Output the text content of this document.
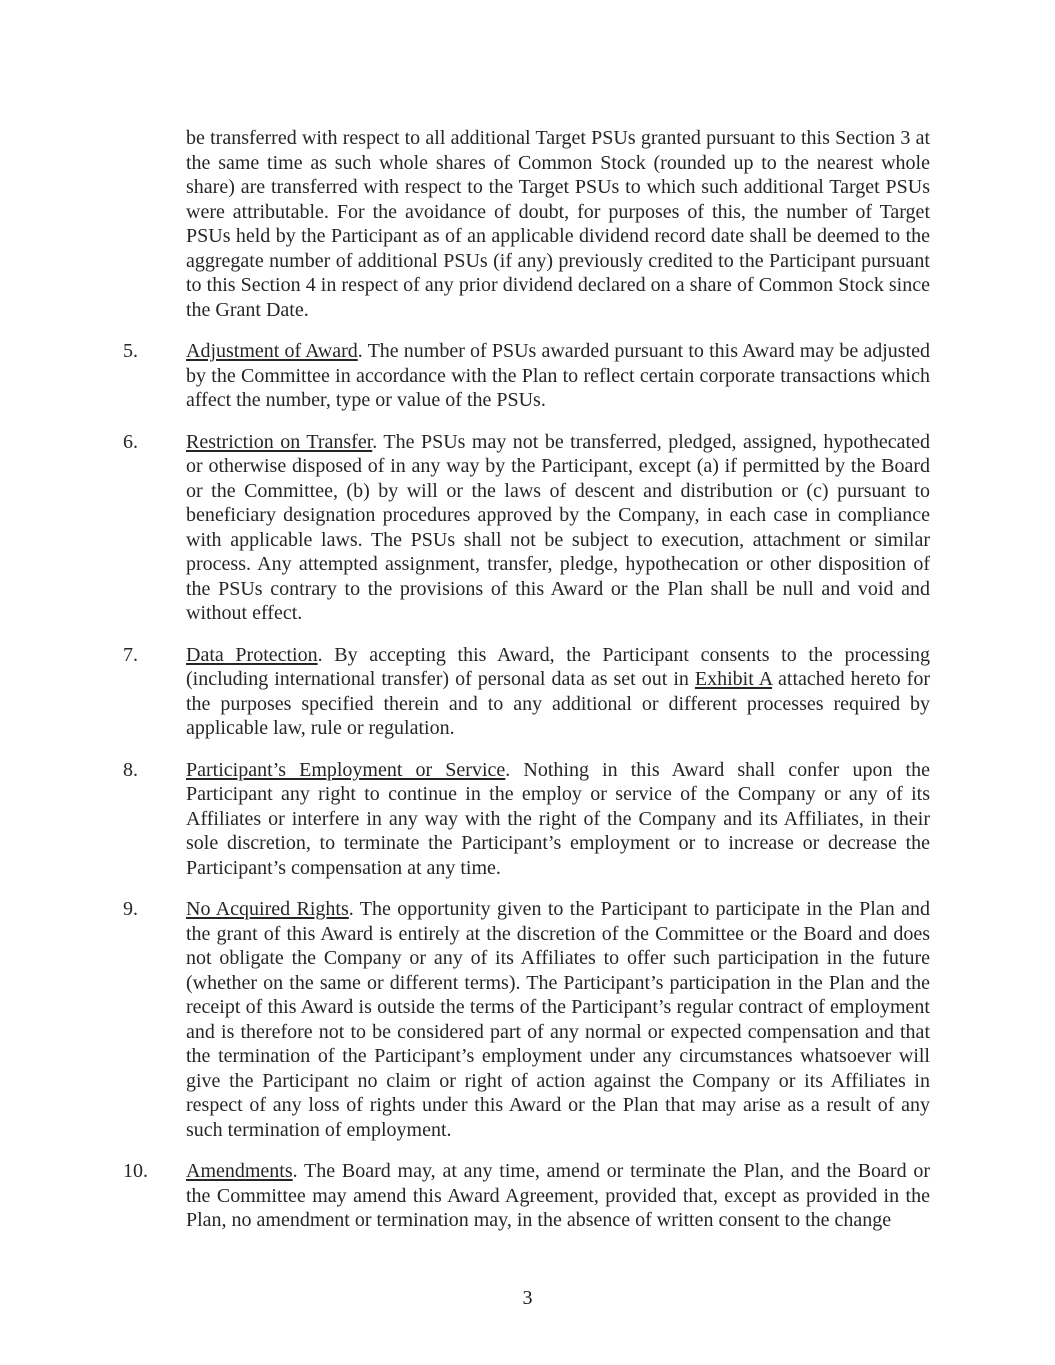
be transferred with respect to all additional Target PSUs granted pursuant to this Section 3 at the same time as such whole shares of Common Stock (rounded up to the nearest whole share) are transferred with respect to the Target PSUs to which such additional Target PSUs were attributable. For the avoidance of doubt, for purposes of this, the number of Target PSUs held by the Participant as of an applicable dividend record date shall be deemed to the aggregate number of additional PSUs (if any) previously credited to the Participant pursuant to this Section 4 in respect of any prior dividend declared on a share of Common Stock since the Grant Date.

5.	Adjustment of Award. The number of PSUs awarded pursuant to this Award may be adjusted by the Committee in accordance with the Plan to reflect certain corporate transactions which affect the number, type or value of the PSUs.

6.	Restriction on Transfer. The PSUs may not be transferred, pledged, assigned, hypothecated or otherwise disposed of in any way by the Participant, except (a) if permitted by the Board or the Committee, (b) by will or the laws of descent and distribution or (c) pursuant to beneficiary designation procedures approved by the Company, in each case in compliance with applicable laws. The PSUs shall not be subject to execution, attachment or similar process. Any attempted assignment, transfer, pledge, hypothecation or other disposition of the PSUs contrary to the provisions of this Award or the Plan shall be null and void and without effect.

7.	Data Protection. By accepting this Award, the Participant consents to the processing (including international transfer) of personal data as set out in Exhibit A attached hereto for the purposes specified therein and to any additional or different processes required by applicable law, rule or regulation.

8.	Participant’s Employment or Service. Nothing in this Award shall confer upon the Participant any right to continue in the employ or service of the Company or any of its Affiliates or interfere in any way with the right of the Company and its Affiliates, in their sole discretion, to terminate the Participant’s employment or to increase or decrease the Participant’s compensation at any time.

9.	No Acquired Rights. The opportunity given to the Participant to participate in the Plan and the grant of this Award is entirely at the discretion of the Committee or the Board and does not obligate the Company or any of its Affiliates to offer such participation in the future (whether on the same or different terms). The Participant’s participation in the Plan and the receipt of this Award is outside the terms of the Participant’s regular contract of employment and is therefore not to be considered part of any normal or expected compensation and that the termination of the Participant’s employment under any circumstances whatsoever will give the Participant no claim or right of action against the Company or its Affiliates in respect of any loss of rights under this Award or the Plan that may arise as a result of any such termination of employment.

10.	Amendments. The Board may, at any time, amend or terminate the Plan, and the Board or the Committee may amend this Award Agreement, provided that, except as provided in the Plan, no amendment or termination may, in the absence of written consent to the change

3
